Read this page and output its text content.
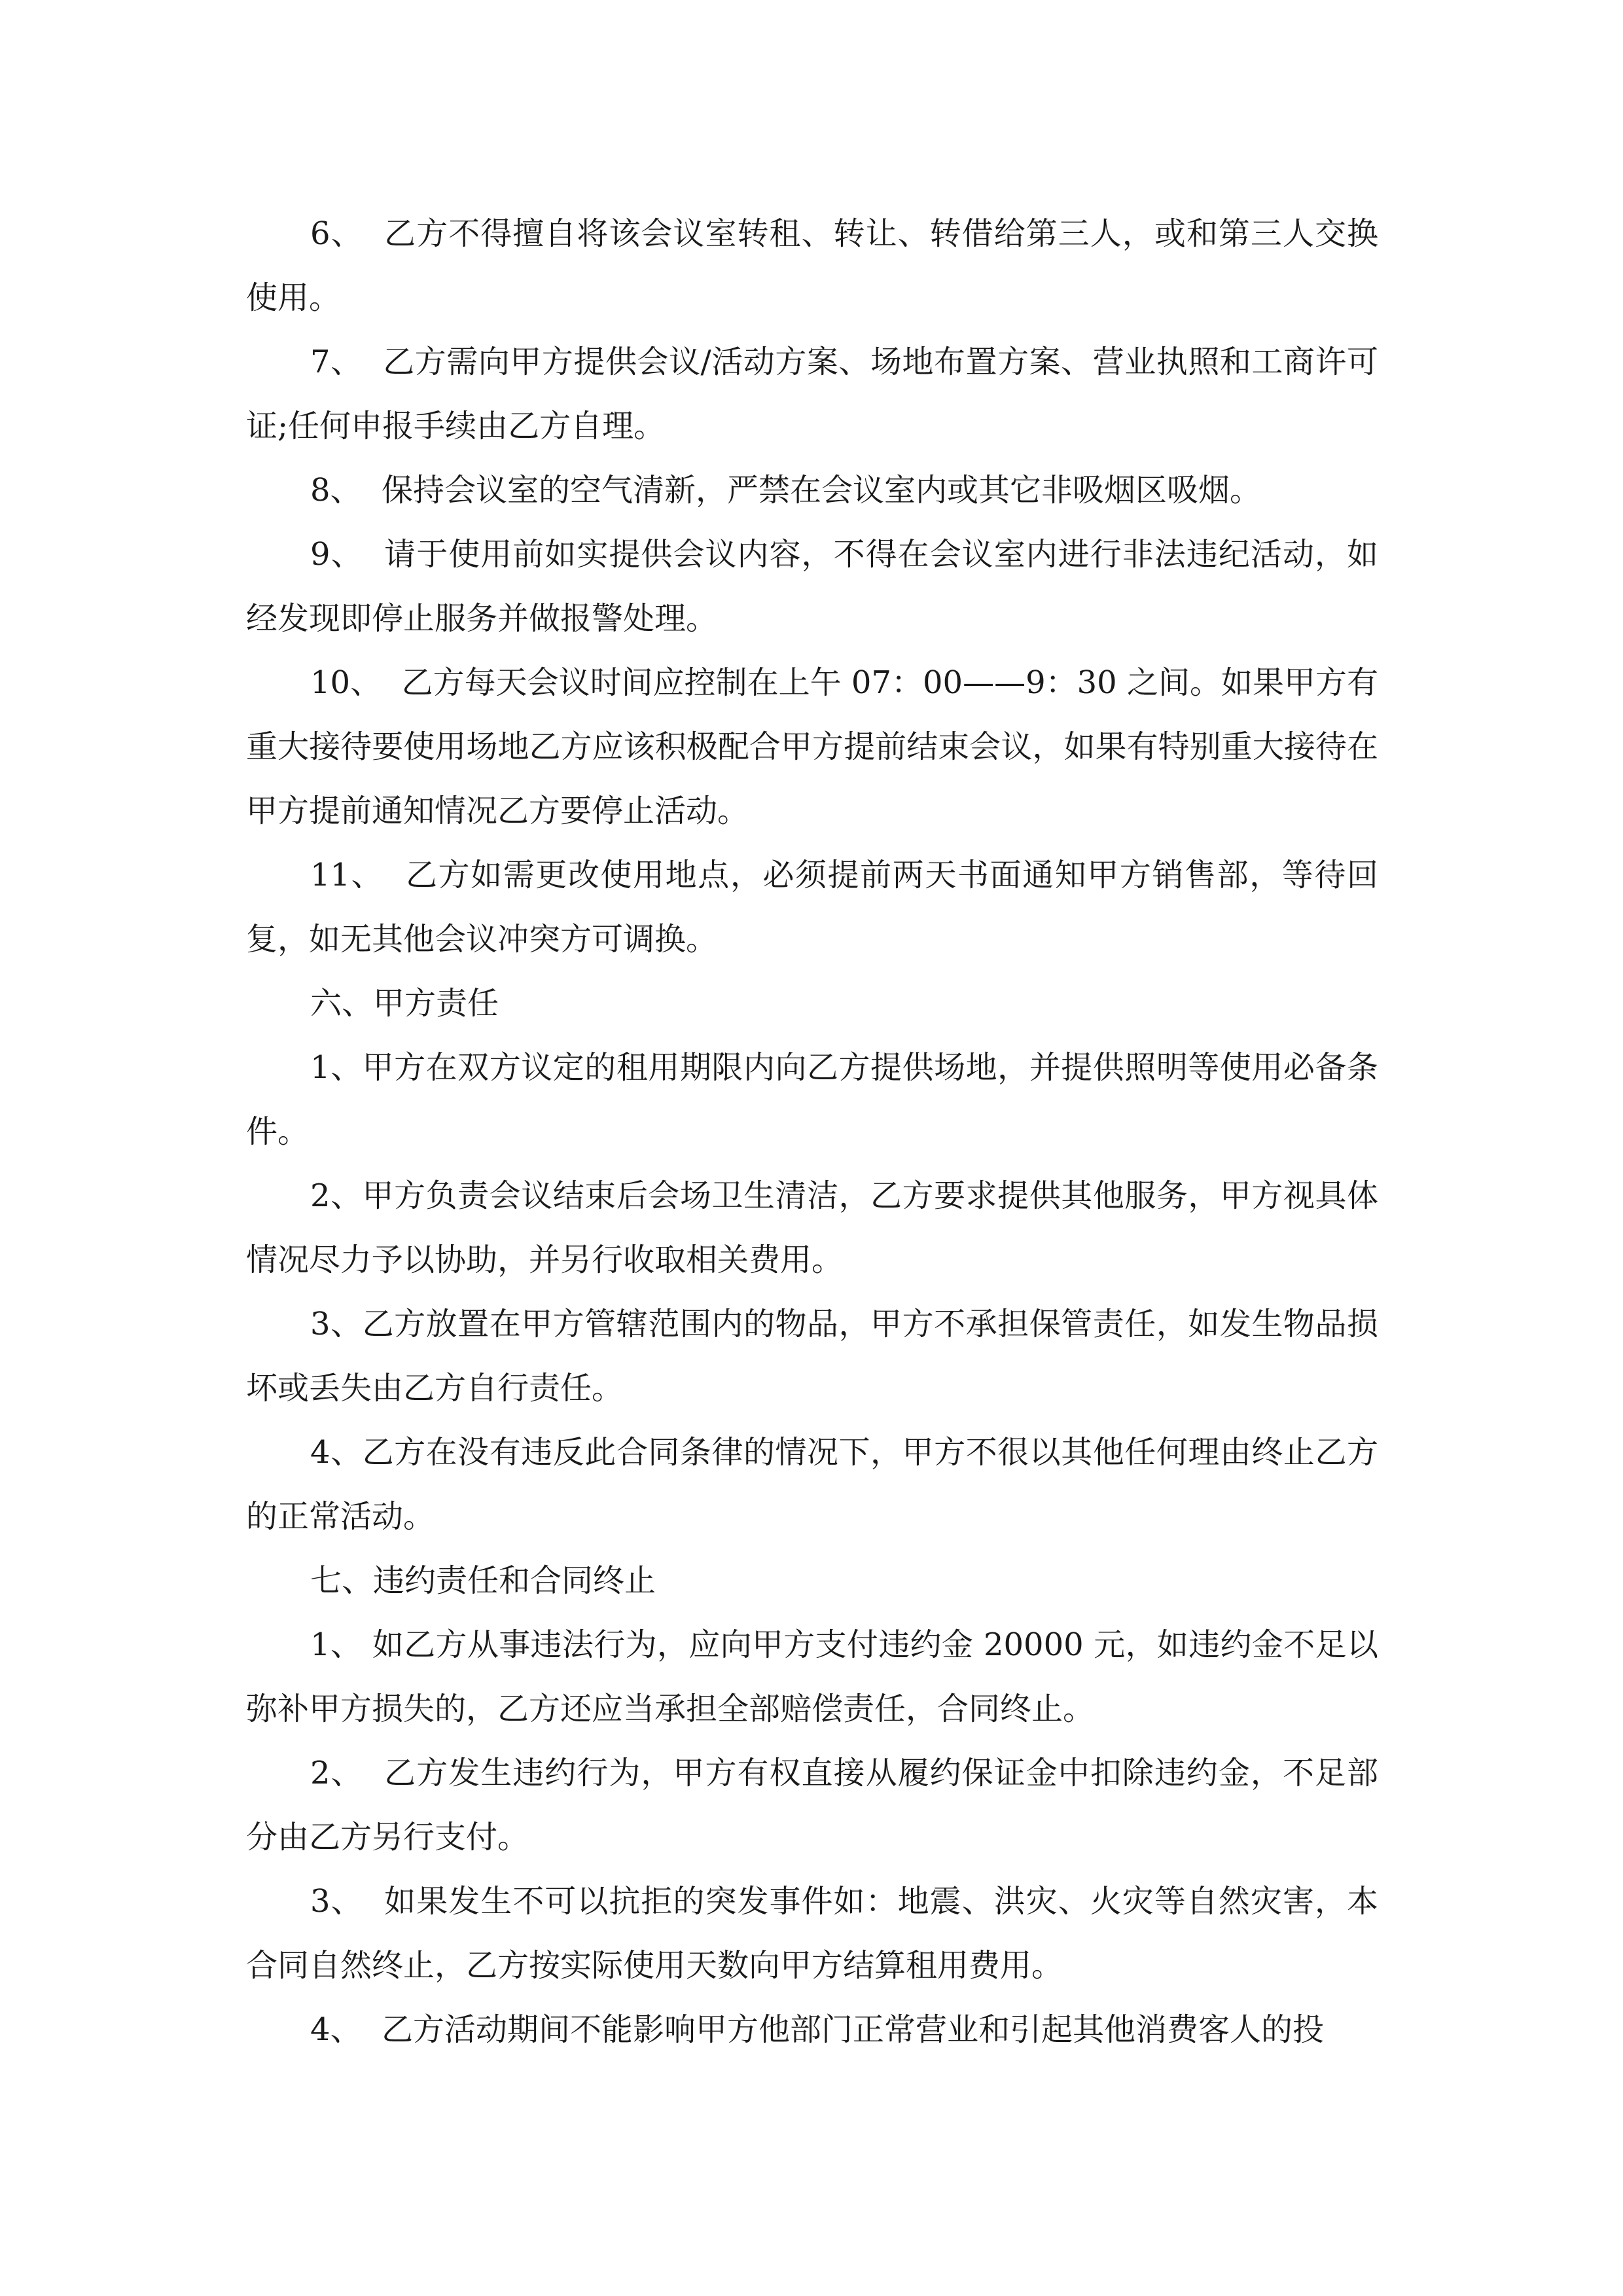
6、  乙方不得擅自将该会议室转租、转让、转借给第三人，或和第三人交换使用。

7、  乙方需向甲方提供会议/活动方案、场地布置方案、营业执照和工商许可证;任何申报手续由乙方自理。

8、  保持会议室的空气清新，严禁在会议室内或其它非吸烟区吸烟。

9、  请于使用前如实提供会议内容，不得在会议室内进行非法违纪活动，如经发现即停止服务并做报警处理。

10、  乙方每天会议时间应控制在上午 07：00——9：30 之间。如果甲方有重大接待要使用场地乙方应该积极配合甲方提前结束会议，如果有特别重大接待在甲方提前通知情况乙方要停止活动。

11、  乙方如需更改使用地点，必须提前两天书面通知甲方销售部，等待回复，如无其他会议冲突方可调换。

六、甲方责任

1、甲方在双方议定的租用期限内向乙方提供场地，并提供照明等使用必备条件。

2、甲方负责会议结束后会场卫生清洁，乙方要求提供其他服务，甲方视具体情况尽力予以协助，并另行收取相关费用。

3、乙方放置在甲方管辖范围内的物品，甲方不承担保管责任，如发生物品损坏或丢失由乙方自行责任。

4、乙方在没有违反此合同条律的情况下，甲方不很以其他任何理由终止乙方的正常活动。

七、违约责任和合同终止

1、 如乙方从事违法行为，应向甲方支付违约金 20000 元，如违约金不足以弥补甲方损失的，乙方还应当承担全部赔偿责任，合同终止。

2、  乙方发生违约行为，甲方有权直接从履约保证金中扣除违约金，不足部分由乙方另行支付。

3、  如果发生不可以抗拒的突发事件如：地震、洪灾、火灾等自然灾害，本合同自然终止，乙方按实际使用天数向甲方结算租用费用。

4、  乙方活动期间不能影响甲方他部门正常营业和引起其他消费客人的投
